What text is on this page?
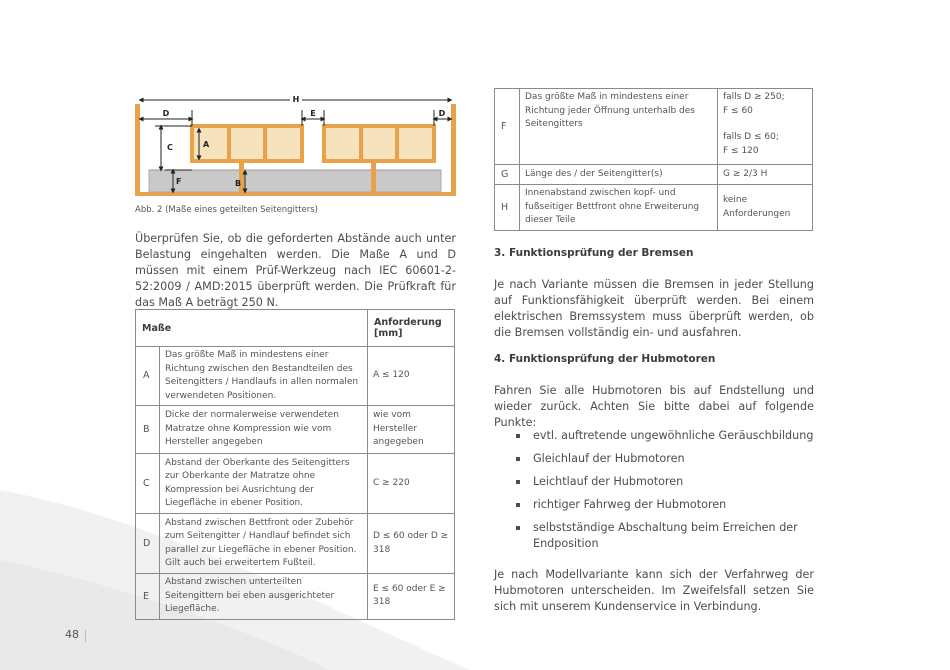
H
D	E	D
C	A
F	B
Abb. 2 (Maße eines geteilten Seitengitters)
Überprüfen Sie, ob die geforderten Abstände auch unter Belastung eingehalten werden. Die Maße A und D müssen mit einem Prüf-Werkzeug nach IEC 60601-2-52:2009 / AMD:2015 überprüft werden. Die Prüfkraft für das Maß A beträgt 250 N.
Maße		Anforderung [mm]
A	Das größte Maß in mindestens einer Richtung zwischen den Bestandteilen des Seitengitters / Handlaufs in allen normalen verwendeten Positionen.	A ≤ 120
B	Dicke der normalerweise verwendeten Matratze ohne Kompression wie vom Hersteller angegeben	wie vom Hersteller angegeben
C	Abstand der Oberkante des Seitengitters zur Oberkante der Matratze ohne Kompression bei Ausrichtung der Liegefläche in ebener Position.	C ≥ 220
D	Abstand zwischen Bettfront oder Zubehör zum Seitengitter / Handlauf befindet sich parallel zur Liegefläche in ebener Position. Gilt auch bei erweitertem Fußteil.	D ≤ 60 oder D ≥ 318
E	Abstand zwischen unterteilten Seitengittern bei eben ausgerichteter Liegefläche.	E ≤ 60 oder E ≥ 318
F	Das größte Maß in mindestens einer Richtung jeder Öffnung unterhalb des Seitengitters	falls D ≥ 250;
F ≤ 60
falls D ≤ 60;
F ≤ 120

G	Länge des / der Seitengitter(s)	G ≥ 2/3 H
H	Innenabstand zwischen kopf- und fußseitiger Bettfront ohne Erweiterung dieser Teile	keine
Anforderungen
3. Funktionsprüfung der Bremsen
Je nach Variante müssen die Bremsen in jeder Stellung auf Funktionsfähigkeit überprüft werden. Bei einem elektrischen Bremssystem muss überprüft werden, ob die Bremsen vollständig ein- und ausfahren.
4. Funktionsprüfung der Hubmotoren
Fahren Sie alle Hubmotoren bis auf Endstellung und wieder zurück. Achten Sie bitte dabei auf folgende Punkte:
evtl. auftretende ungewöhnliche Geräuschbildung
Gleichlauf der Hubmotoren
Leichtlauf der Hubmotoren
richtiger Fahrweg der Hubmotoren
selbstständige Abschaltung beim Erreichen der Endposition
Je nach Modellvariante kann sich der Verfahrweg der Hubmotoren unterscheiden. Im Zweifelsfall setzen Sie sich mit unserem Kundenservice in Verbindung.
48
